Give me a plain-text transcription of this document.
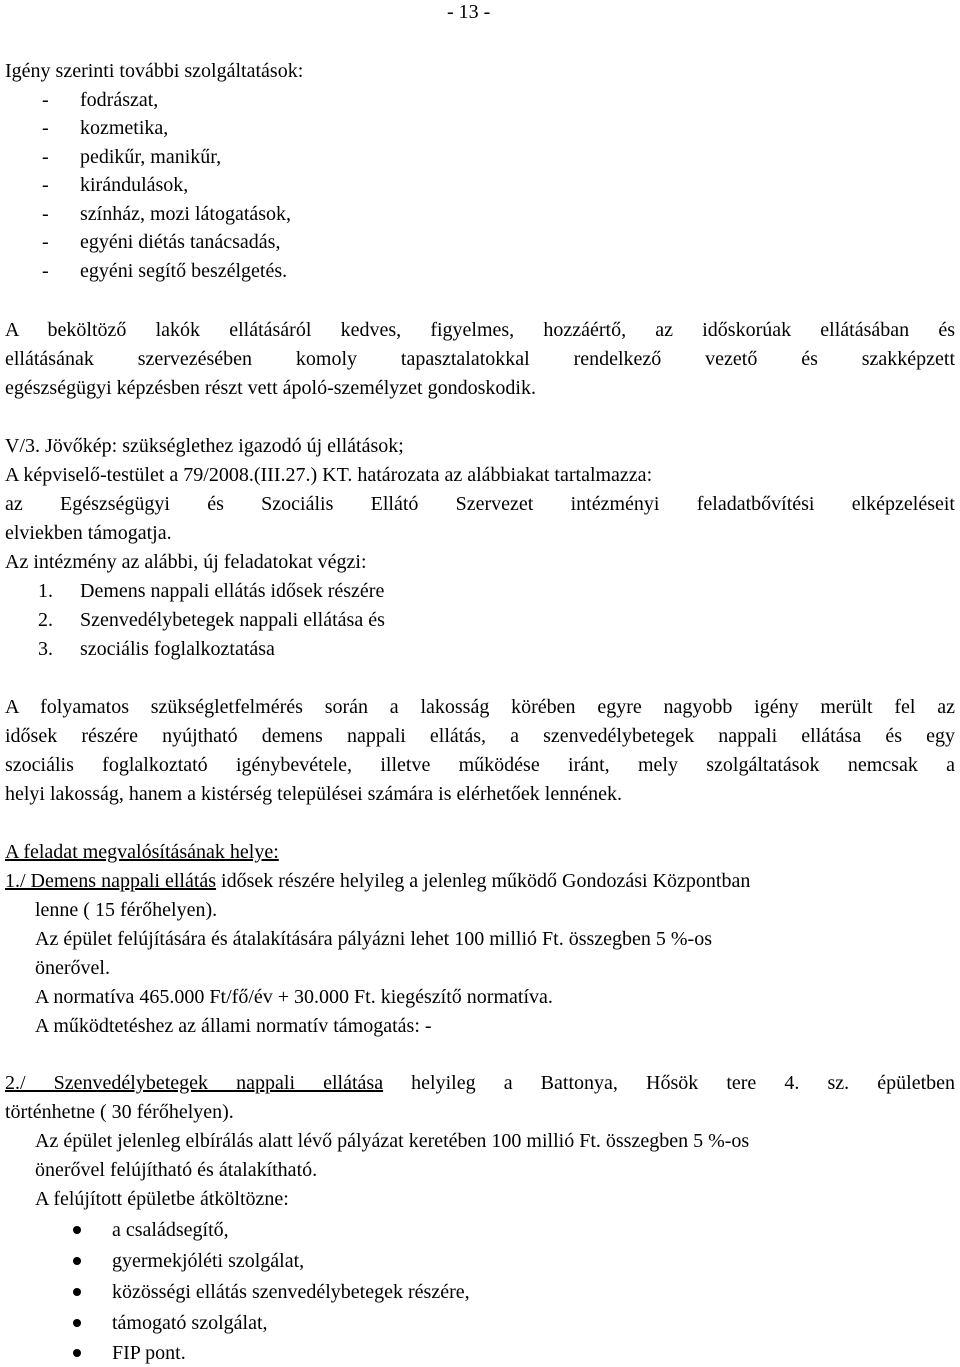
- 13 -
Igény szerinti további szolgáltatások:
- fodrászat,
- kozmetika,
- pedikűr, manikűr,
- kirándulások,
- színház, mozi látogatások,
- egyéni diétás tanácsadás,
- egyéni segítő beszélgetés.
A beköltöző lakók ellátásáról kedves, figyelmes, hozzáértő, az időskorúak ellátásában és
ellátásának szervezésében komoly tapasztalatokkal rendelkező vezető és szakképzett
egészségügyi képzésben részt vett ápoló-személyzet gondoskodik.
V/3. Jövőkép: szükséglethez igazodó új ellátások;
A képviselő-testület a 79/2008.(III.27.) KT. határozata az alábbiakat tartalmazza:
az Egészségügyi és Szociális Ellátó Szervezet intézményi feladatbővítési elképzeléseit
elviekben támogatja.
Az intézmény az alábbi, új feladatokat végzi:
1. Demens nappali ellátás idősek részére
2. Szenvedélybetegek nappali ellátása és
3. szociális foglalkoztatása
A folyamatos szükségletfelmérés során a lakosság körében egyre nagyobb igény merült fel az
idősek részére nyújtható demens nappali ellátás, a szenvedélybetegek nappali ellátása és egy
szociális foglalkoztató igénybevétele, illetve működése iránt, mely szolgáltatások nemcsak a
helyi lakosság, hanem a kistérség települései számára is elérhetőek lennének.
A feladat megvalósításának helye:
1./ Demens nappali ellátás idősek részére helyileg a jelenleg működő Gondozási Központban
lenne ( 15 férőhelyen).
Az épület felújítására és átalakítására pályázni lehet 100 millió Ft. összegben 5 %-os
önerővel.
A normatíva 465.000 Ft/fő/év + 30.000 Ft. kiegészítő normatíva.
A működtetéshez az állami normatív támogatás: -
2./ Szenvedélybetegek nappali ellátása helyileg a Battonya, Hősök tere 4. sz. épületben
történhetne ( 30 férőhelyen).
Az épület jelenleg elbírálás alatt lévő pályázat keretében 100 millió Ft. összegben 5 %-os
önerővel felújítható és átalakítható.
A felújított épületbe átköltözne:
a családsegítő,
gyermekjóléti szolgálat,
közösségi ellátás szenvedélybetegek részére,
támogató szolgálat,
FIP pont.
